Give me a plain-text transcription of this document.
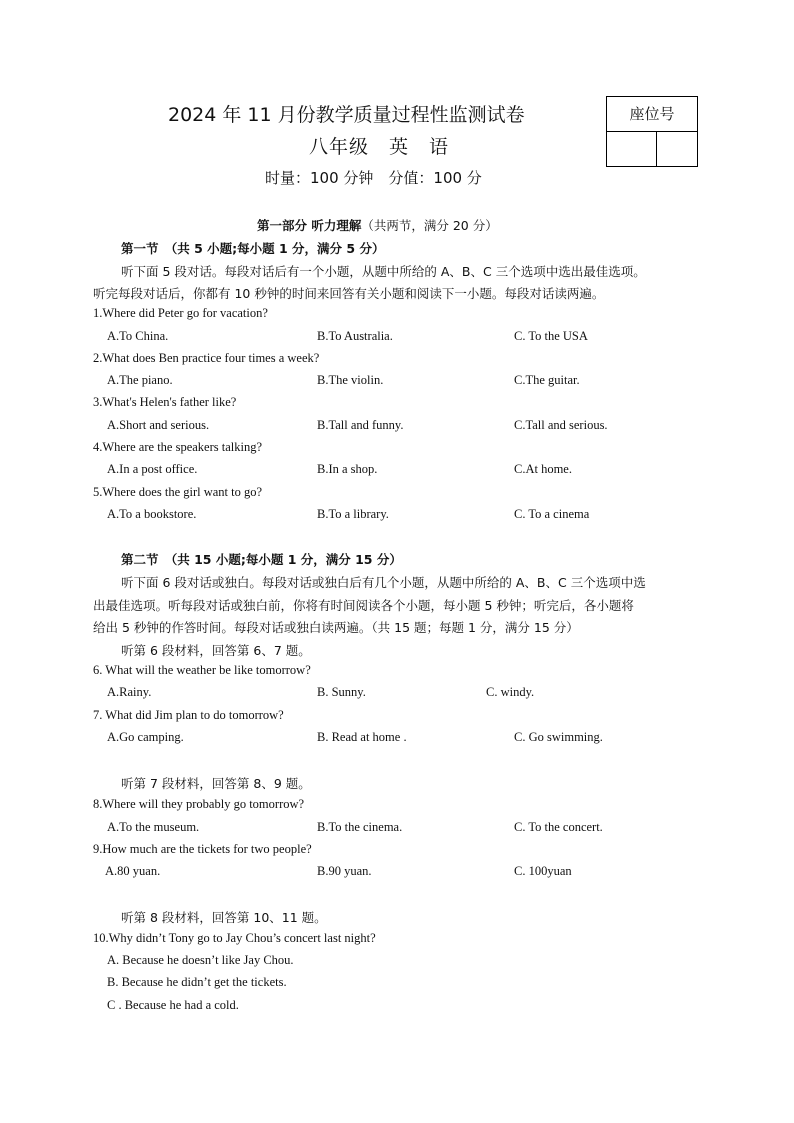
2024 年 11 月份教学质量过程性监测试卷
八年级　英　语
时量：100 分钟　分值：100 分
座位号
第一部分 听力理解（共两节，满分 20 分）
第一节　（共 5 小题;每小题 1 分，满分 5 分）
听下面 5 段对话。每段对话后有一个小题，从题中所给的 A、B、C 三个选项中选出最佳选项。
听完每段对话后，你都有 10 秒钟的时间来回答有关小题和阅读下一小题。每段对话读两遍。
1.Where did Peter go for vacation?
A.To China.	B.To Australia.	C. To the USA
2.What does Ben practice four times a week?
A.The piano.	B.The violin.	C.The guitar.
3.What's Helen's father like?
A.Short and serious.	B.Tall and funny.	C.Tall and serious.
4.Where are the speakers talking?
A.In a post office.	B.In a shop.	C.At home.
5.Where does the girl want to go?
A.To a bookstore.	B.To a library.	C. To a cinema
第二节　（共 15 小题;每小题 1 分，满分 15 分）
听下面 6 段对话或独白。每段对话或独白后有几个小题，从题中所给的 A、B、C 三个选项中选
出最佳选项。听每段对话或独白前，你将有时间阅读各个小题，每小题 5 秒钟；听完后，各小题将
给出 5 秒钟的作答时间。每段对话或独白读两遍。（共 15 题；每题 1 分，满分 15 分）
听第 6 段材料，回答第 6、7 题。
6. What will the weather be like tomorrow?
A.Rainy.	B. Sunny.	C. windy.
7. What did Jim plan to do tomorrow?
A.Go camping.	B. Read at home .	C. Go swimming.
听第 7 段材料，回答第 8、9 题。
8.Where will they probably go tomorrow?
A.To the museum.	B.To the cinema.	C. To the concert.
9.How much are the tickets for two people?
A.80 yuan.	B.90 yuan.	C. 100yuan
听第 8 段材料，回答第 10、11 题。
10.Why didn’t Tony go to Jay Chou’s concert last night?
A. Because he doesn’t like Jay Chou.
B. Because he didn’t get the tickets.
C . Because he had a cold.
